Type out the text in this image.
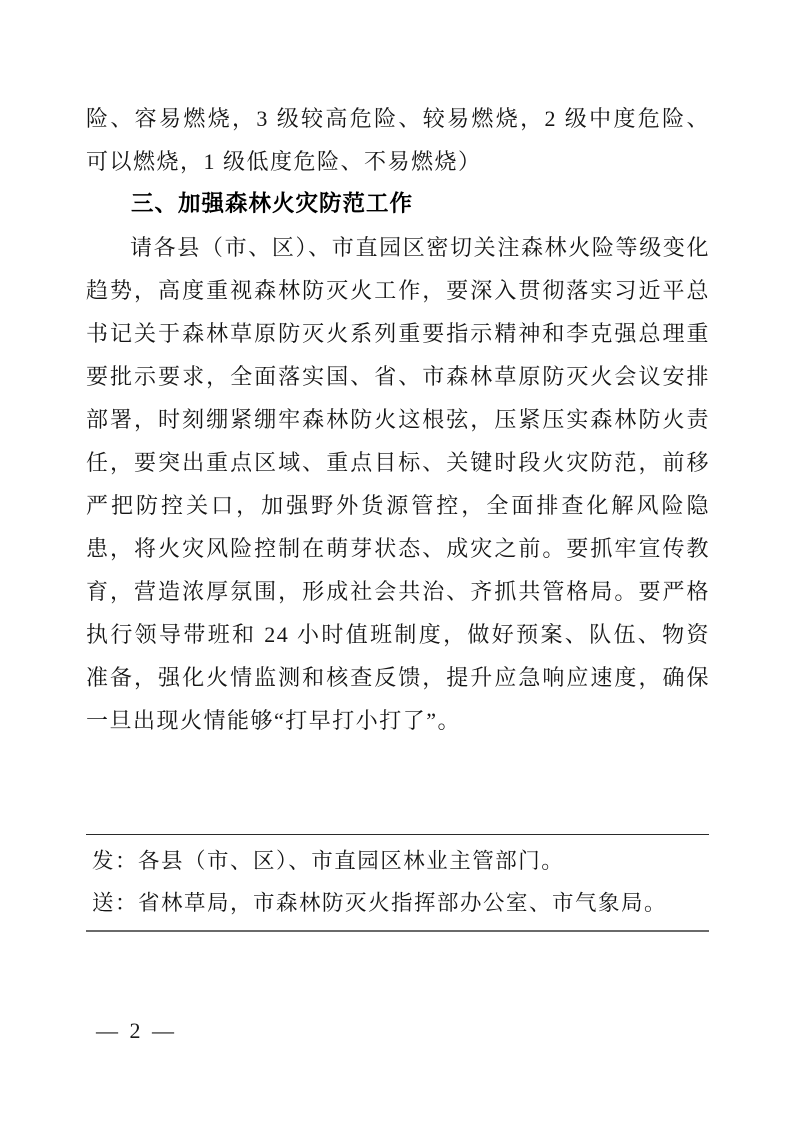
险、容易燃烧，3 级较高危险、较易燃烧，2 级中度危险、可以燃烧，1 级低度危险、不易燃烧）

三、加强森林火灾防范工作

请各县（市、区）、市直园区密切关注森林火险等级变化趋势，高度重视森林防灭火工作，要深入贯彻落实习近平总书记关于森林草原防灭火系列重要指示精神和李克强总理重要批示要求，全面落实国、省、市森林草原防灭火会议安排部署，时刻绷紧绷牢森林防火这根弦，压紧压实森林防火责任，要突出重点区域、重点目标、关键时段火灾防范，前移严把防控关口，加强野外货源管控，全面排查化解风险隐患，将火灾风险控制在萌芽状态、成灾之前。要抓牢宣传教育，营造浓厚氛围，形成社会共治、齐抓共管格局。要严格执行领导带班和 24 小时值班制度，做好预案、队伍、物资准备，强化火情监测和核查反馈，提升应急响应速度，确保一旦出现火情能够“打早打小打了”。

发：各县（市、区）、市直园区林业主管部门。

送：省林草局，市森林防灭火指挥部办公室、市气象局。

— 2 —
